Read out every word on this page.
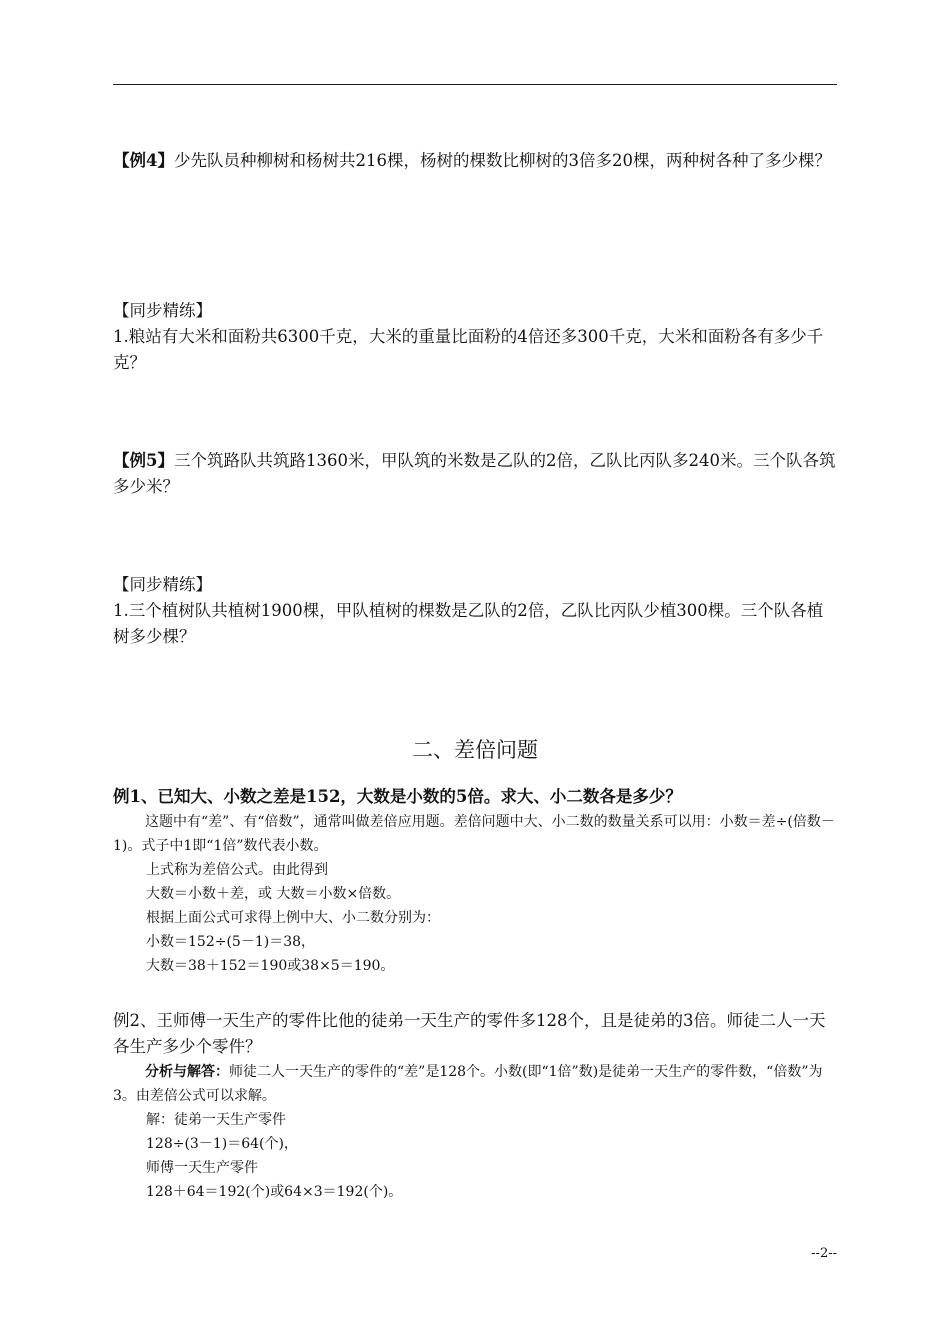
【例4】少先队员种柳树和杨树共216棵，杨树的棵数比柳树的3倍多20棵，两种树各种了多少棵？

【同步精练】

1.粮站有大米和面粉共6300千克，大米的重量比面粉的4倍还多300千克，大米和面粉各有多少千克？

【例5】三个筑路队共筑路1360米，甲队筑的米数是乙队的2倍，乙队比丙队多240米。三个队各筑多少米？

【同步精练】

1.三个植树队共植树1900棵，甲队植树的棵数是乙队的2倍，乙队比丙队少植300棵。三个队各植树多少棵？

二、差倍问题

例1、已知大、小数之差是152，大数是小数的5倍。求大、小二数各是多少？

这题中有“差”、有“倍数”，通常叫做差倍应用题。差倍问题中大、小二数的数量关系可以用：小数＝差÷(倍数－1)。式子中1即“1倍”数代表小数。

上式称为差倍公式。由此得到

大数＝小数＋差，或 大数＝小数×倍数。

根据上面公式可求得上例中大、小二数分别为：

小数＝152÷(5－1)＝38，

大数＝38＋152＝190或38×5＝190。

例2、王师傅一天生产的零件比他的徒弟一天生产的零件多128个，且是徒弟的3倍。师徒二人一天各生产多少个零件？

分析与解答：师徒二人一天生产的零件的“差”是128个。小数(即“1倍”数)是徒弟一天生产的零件数，“倍数”为3。由差倍公式可以求解。

解：徒弟一天生产零件

128÷(3－1)＝64(个)，

师傅一天生产零件

128＋64＝192(个)或64×3＝192(个)。

--2--
